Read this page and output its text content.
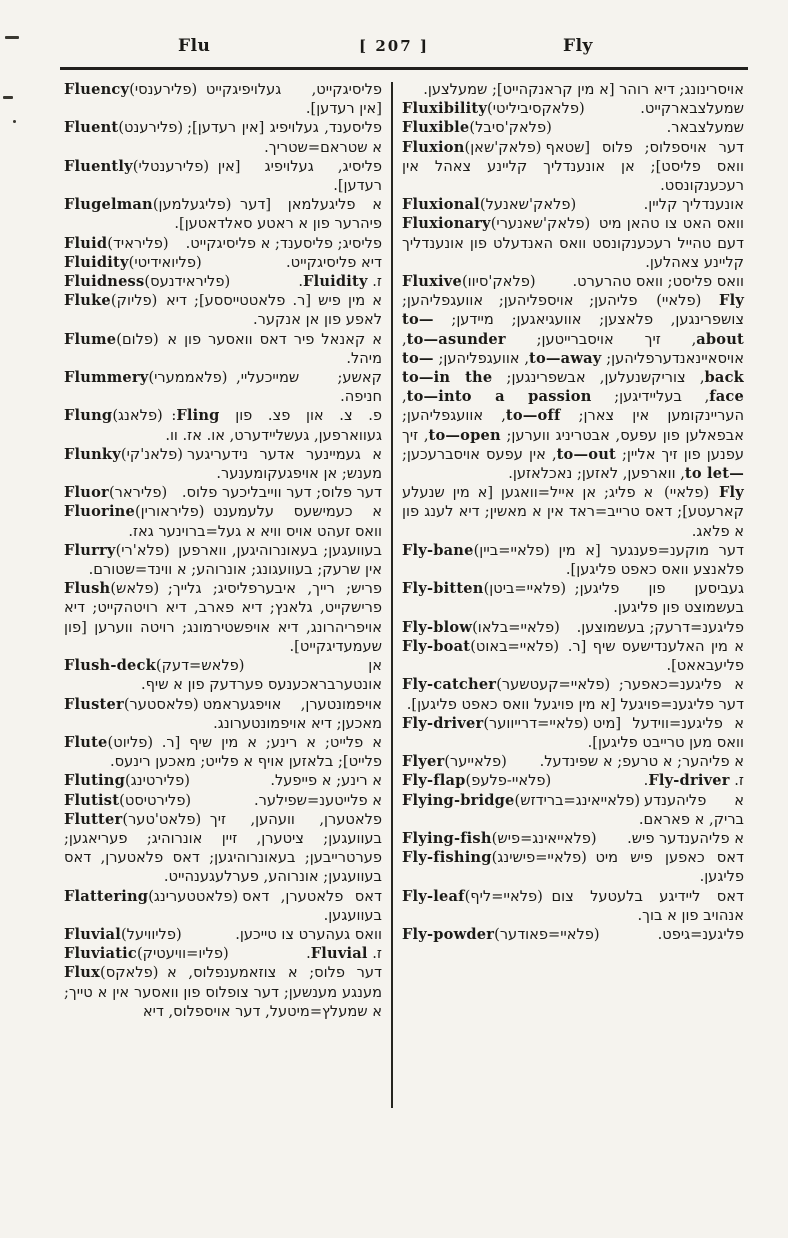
Flu	[ 207 ]	Fly
Fluency (פלירענסי) פליסיגקייט, געלויפיגקייט [אין רעדען].
Fluent(פלירענט) פליסענד, געלויפיג [אין רעדען]; א שטראם=שטריך.
Fluently (פלירענטלי) פליסיג, געלויפיג [אין רעדען].
Flugelman (פליגעלמען) א פליגעלמאן [דער פיהרער פון א ראטע סאלדאטען].
Fluid(פליראיד) פליסיג; פליסענד; א פליסיגקייט.
Fluidity (פליואידיטי)	דיא פליסיגקייט.
Fluidness (פליראידנעס)	ז. Fluidity.
Fluke (פליוק) א מין פיש [ר. פלאטטייססע]; דיא לאפע פון אן אנקער.
Flume (פלום) א קאנאל פיר דאס וואסער פון א מיהל.
Flummery (פלאממערי) קאשע; שמייכעליי, חניפה.
Flung (פלאנג)	פ. צ. און פצ. פון Fling: געווארפען, געשליידערט, או. אז. וו.
Flunky(פלאנ'קי) א געמיינער אדער נידעריגער מענש; אן אויפגעקומענער.
Fluor(פליראר) דער פלוס; דער ווייבליכער פלוס.
Fluorine (פליראורין) א כעמישעס עלעמענט וואס זעהט אויס וויא א געל=ברוינער גאז.
Flurry (פלא'רי) בעוועגען; בעאונרוהיגען, ווארפען אין שרעק; בעוועגונג; אונרוהע; א ווינד=שטורם.
Flush (פלאש) פריש; רייך, איבערפליסיג; גלייך; פרישקייט, גלאנץ; דיא פארב, דיא רויטהקייט; דיא אויפריהרונג, דיא אויפשטירמונג; רויטה ווערען [פון שעמעדיגקייט].
Flush-deck (פלאש=דעק)	אן אונטערבראכענעס פערדעק פון א שיף.
Fluster(פלאסטער) אויפמונטערן, אויפגעראמט מאכען; דיא אויפמונטערונג.
Flute (פליוט) א פלייט; א רינע; א מין שיף [ר. פלייט]; בלאזען אויף א פלייט; מאכען רינעס.
Fluting (פלירטינג)	א רינע; א פייפעל.
Flutist (פלירטיסט)	א פלייטענ=שפילער.
Flutter (פלאט'טער) פלאטערן, וועהען, זיך בעוועגען; ציטערן, זיין אונרוהיג; פעריאגען; פערטרייבען; בעאונרוהיגען; דאס פלאטערן, דאס בעוועגען; אונרוהע, פערלעגענהייט.
Flattering(פלאטטערינג) דאס פלאטערן, דאס בעוועגען.
Fluvial (פליוויעל)	וואס געהערט צו טייכען.
Fluviatic (פליו=וויעטיק)	ז. Fluvial.
Flux (פלאקס) דער פלוס; א צוזאמענפלוס, א מענגע מענשען; דער צופלוס פון וואסער אין א טייך; א שמעלץ=מיטעל, דער אויספלוס, דיא
אויסרינונג; דיא רוהר [א מין קראנקהייט]; שמעלצען.
Fluxibility (פלאקסיביליטי)	שמעלצבארקייט.
Fluxible (פלאק'סיבל)	שמעלצבאר.
Fluxion(פלאק'שאן) דער אויספלוס; פלוס [שטאף וואס פליסט]; אן אונענדליך קליינע צאהל אין רעכענקונסט.
Fluxional (פלאק'שאנעל)	אונענדליך קליין.
Fluxionary (פלאק'שאנערי) וואס האט צו טהאן מיט דעם טהייל רעכענקונסט וואס האנדעלט פון אונענדליך קליינע צאהלען.
Fluxive(פלאק'סיוו)	וואס פליסט; וואס טהרערט.
Fly (פלאיי) פליהען; אויספליהען; אוועגפליהען; צושפרינגען, פלאצען; אוועגיאגען; מיידען; to—about, זיך אויסברייטען; to—asunder, אויסאיינאנדערפליהען; to—away, אוועגפליהען; to—back, צוריקשנעלען, אבשפרינגען; to—in the face, בעליידיגען; to—into a passion, העריינקומען אין צארן; to—off, אוועגפליהען; אבפאלען פון עפעס, אבטריניג ווערען; to—open, זיך עפנען פון זיך אליין; to—out, אין עפעס אויסברעכען; to let—, ווארפען, לאזען; נאכלאזען.
Fly (פלאיי) א פליג; אן אייל=וואגען [א מין שנעלע קארעטע]; דאס טרייב=ראד אין א מאשין; דיא לענג פון א פלאג.
Fly-bane (פלאיי=ביין) דער מוקענ=פענגער [א מין פלאנצע וואס כאפט פליגען].
Fly-bitten (פלאיי=ביטן) געביסען פון פליגען; בעשמוצט פון פליגען.
Fly-blow (פלאיי=בלאו) פליגענ=דרעק; בעשמוצען.
Fly-boat (פלאיי=באוט) א מין האלענדישעס שיף [ר. פליעבאאט].
Fly-catcher (פלאיי=קעטשער) א פליגענ=כאפער; דער פליגענ=פויגעל [א מין פויגעל וואס כאפט פליגען].
Fly-driver(פלאיי=דרייווער) א פליגענ=ווידעל [מיט וואס מען טרייבט פליגען].
Flyer (פלאייער) א פליהער; א טרעפ; א שפינדעל.
Fly-flap (פלאיי-פלעפ)	ז. Fly-driver.
Flying-bridge(פלאייאינג=ברידזש) א פליהענדע בריק, א פאראם.
Flying-fish(פלאייאינג=פיש) א פליהענדער פיש.
Fly-fishing (פלאיי=פישינג) דאס כאפען פיש מיט פליגען.
Fly-leaf (פלאיי=ליף) דאס ליידיגע בלעטעל צום אנהויב פון א בוך.
Fly-powder (פלאיי=פאודער)	פליגענ=גיפט.
